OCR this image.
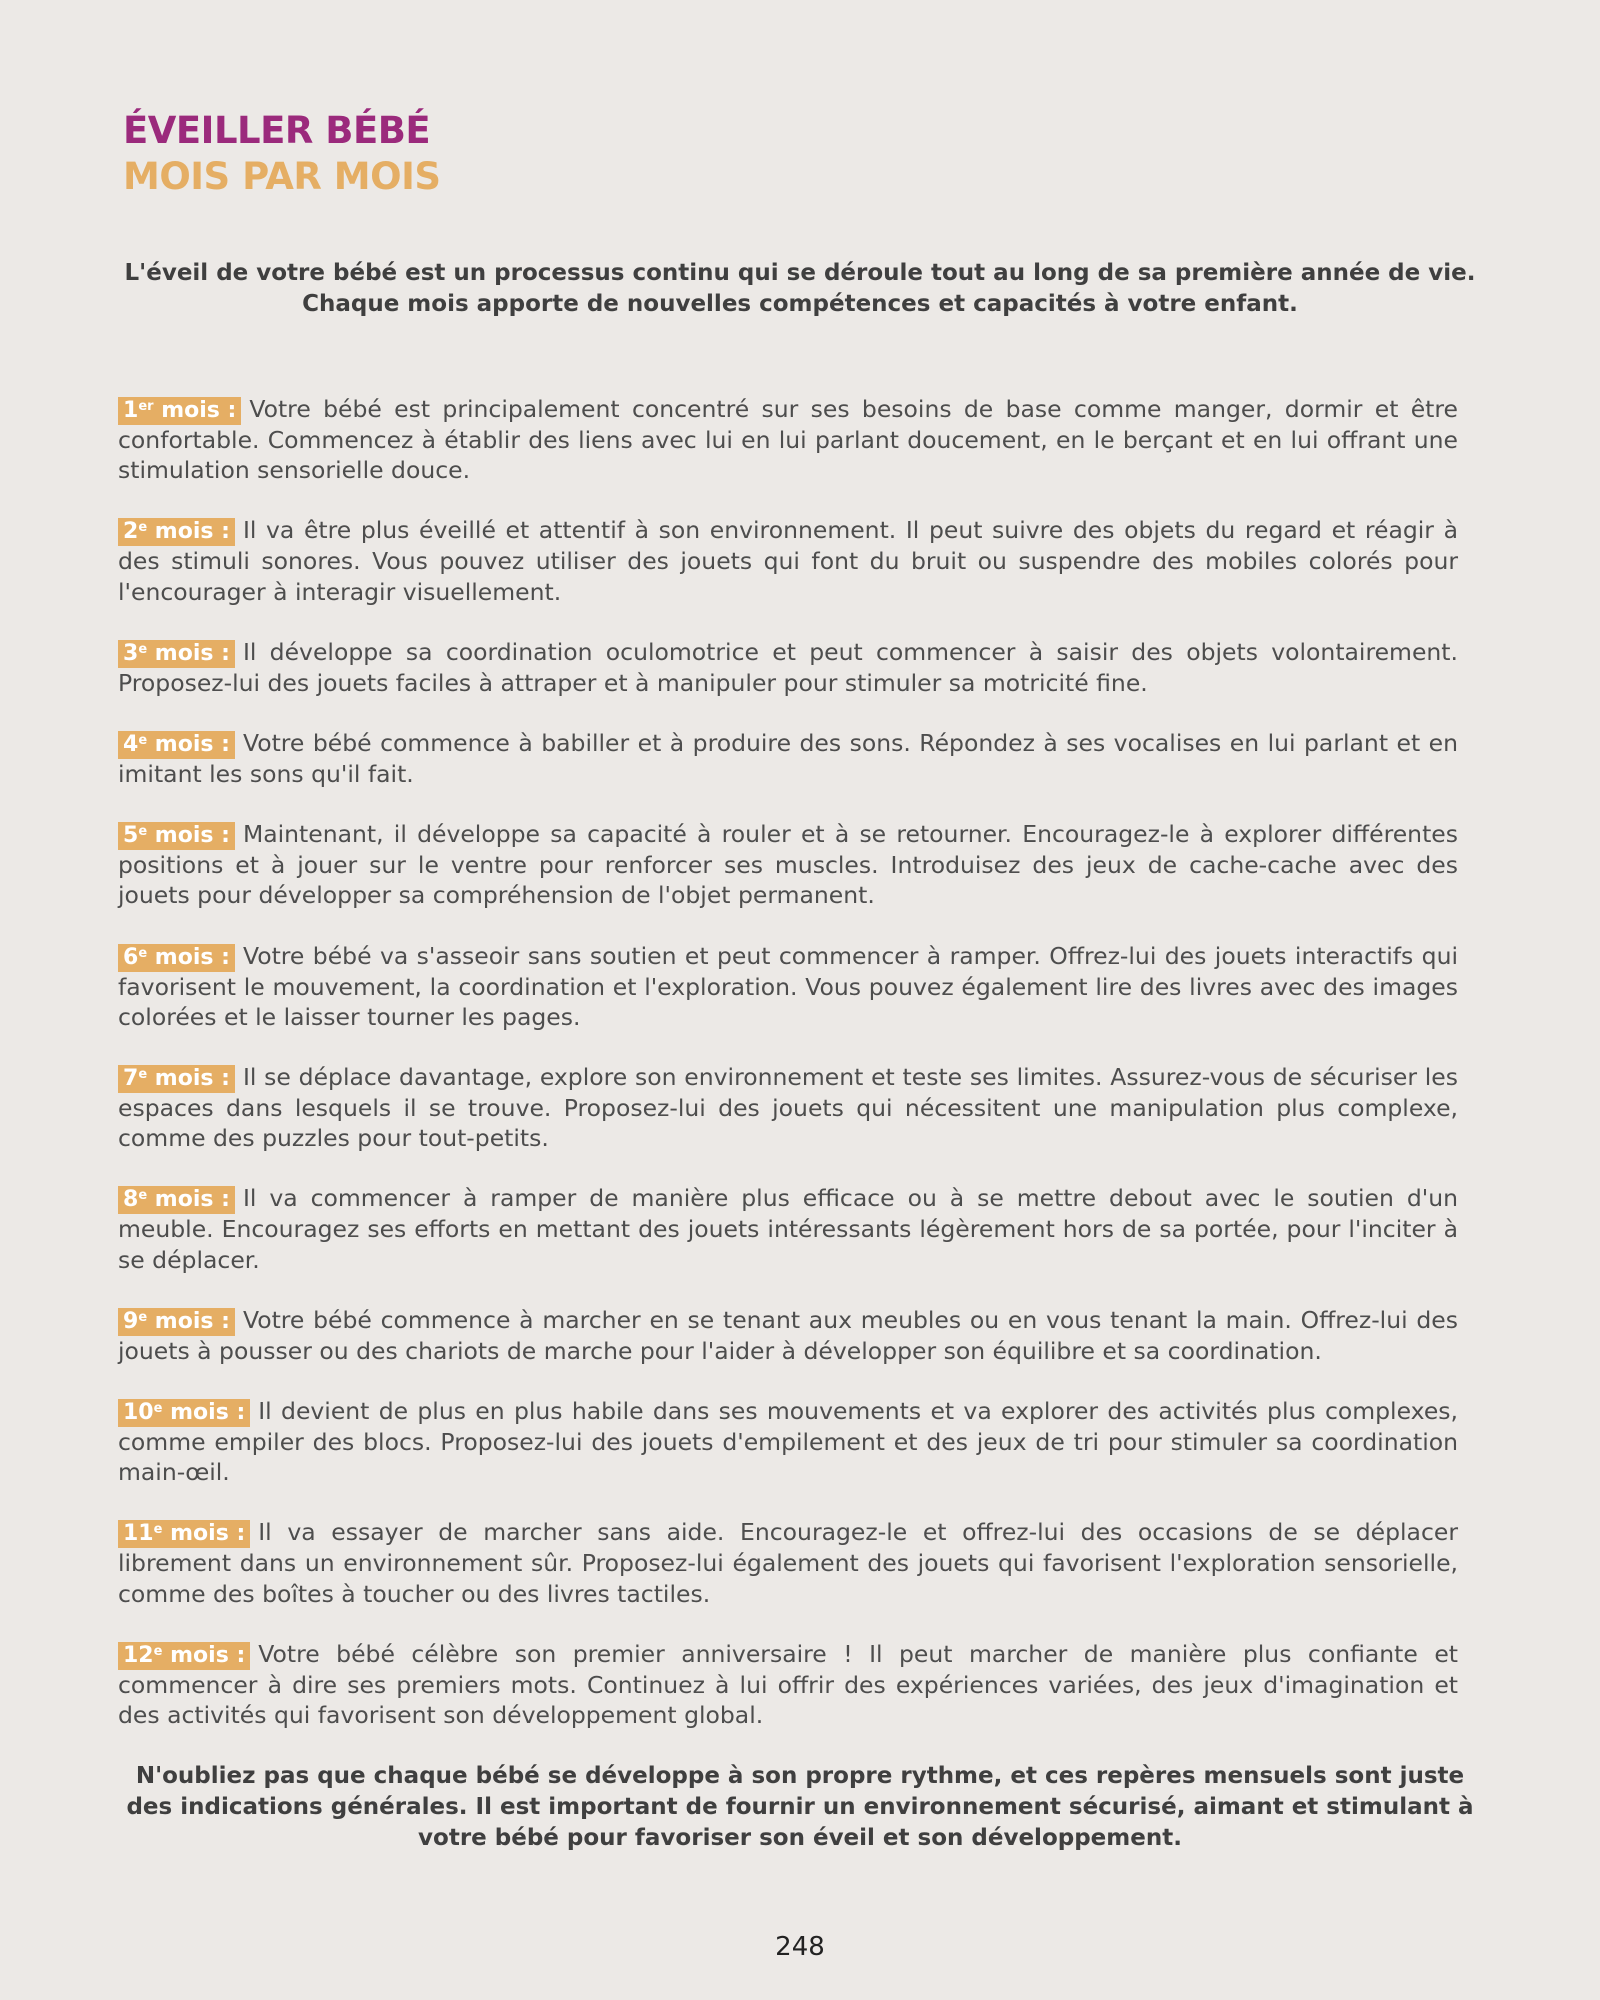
ÉVEILLER BÉBÉ
MOIS PAR MOIS

L'éveil de votre bébé est un processus continu qui se déroule tout au long de sa première année de vie. Chaque mois apporte de nouvelles compétences et capacités à votre enfant.

1er mois : Votre bébé est principalement concentré sur ses besoins de base comme manger, dormir et être confortable. Commencez à établir des liens avec lui en lui parlant doucement, en le berçant et en lui offrant une stimulation sensorielle douce.

2e mois : Il va être plus éveillé et attentif à son environnement. Il peut suivre des objets du regard et réagir à des stimuli sonores. Vous pouvez utiliser des jouets qui font du bruit ou suspendre des mobiles colorés pour l'encourager à interagir visuellement.

3e mois : Il développe sa coordination oculomotrice et peut commencer à saisir des objets volontairement. Proposez-lui des jouets faciles à attraper et à manipuler pour stimuler sa motricité fine.

4e mois : Votre bébé commence à babiller et à produire des sons. Répondez à ses vocalises en lui parlant et en imitant les sons qu'il fait.

5e mois : Maintenant, il développe sa capacité à rouler et à se retourner. Encouragez-le à explorer différentes positions et à jouer sur le ventre pour renforcer ses muscles. Introduisez des jeux de cache-cache avec des jouets pour développer sa compréhension de l'objet permanent.

6e mois : Votre bébé va s'asseoir sans soutien et peut commencer à ramper. Offrez-lui des jouets interactifs qui favorisent le mouvement, la coordination et l'exploration. Vous pouvez également lire des livres avec des images colorées et le laisser tourner les pages.

7e mois : Il se déplace davantage, explore son environnement et teste ses limites. Assurez-vous de sécuriser les espaces dans lesquels il se trouve. Proposez-lui des jouets qui nécessitent une manipulation plus complexe, comme des puzzles pour tout-petits.

8e mois : Il va commencer à ramper de manière plus efficace ou à se mettre debout avec le soutien d'un meuble. Encouragez ses efforts en mettant des jouets intéressants légèrement hors de sa portée, pour l'inciter à se déplacer.

9e mois : Votre bébé commence à marcher en se tenant aux meubles ou en vous tenant la main. Offrez-lui des jouets à pousser ou des chariots de marche pour l'aider à développer son équilibre et sa coordination.

10e mois : Il devient de plus en plus habile dans ses mouvements et va explorer des activités plus complexes, comme empiler des blocs. Proposez-lui des jouets d'empilement et des jeux de tri pour stimuler sa coordination main-œil.

11e mois : Il va essayer de marcher sans aide. Encouragez-le et offrez-lui des occasions de se déplacer librement dans un environnement sûr. Proposez-lui également des jouets qui favorisent l'exploration sensorielle, comme des boîtes à toucher ou des livres tactiles.

12e mois : Votre bébé célèbre son premier anniversaire ! Il peut marcher de manière plus confiante et commencer à dire ses premiers mots. Continuez à lui offrir des expériences variées, des jeux d'imagination et des activités qui favorisent son développement global.

N'oubliez pas que chaque bébé se développe à son propre rythme, et ces repères mensuels sont juste des indications générales. Il est important de fournir un environnement sécurisé, aimant et stimulant à votre bébé pour favoriser son éveil et son développement.

248
